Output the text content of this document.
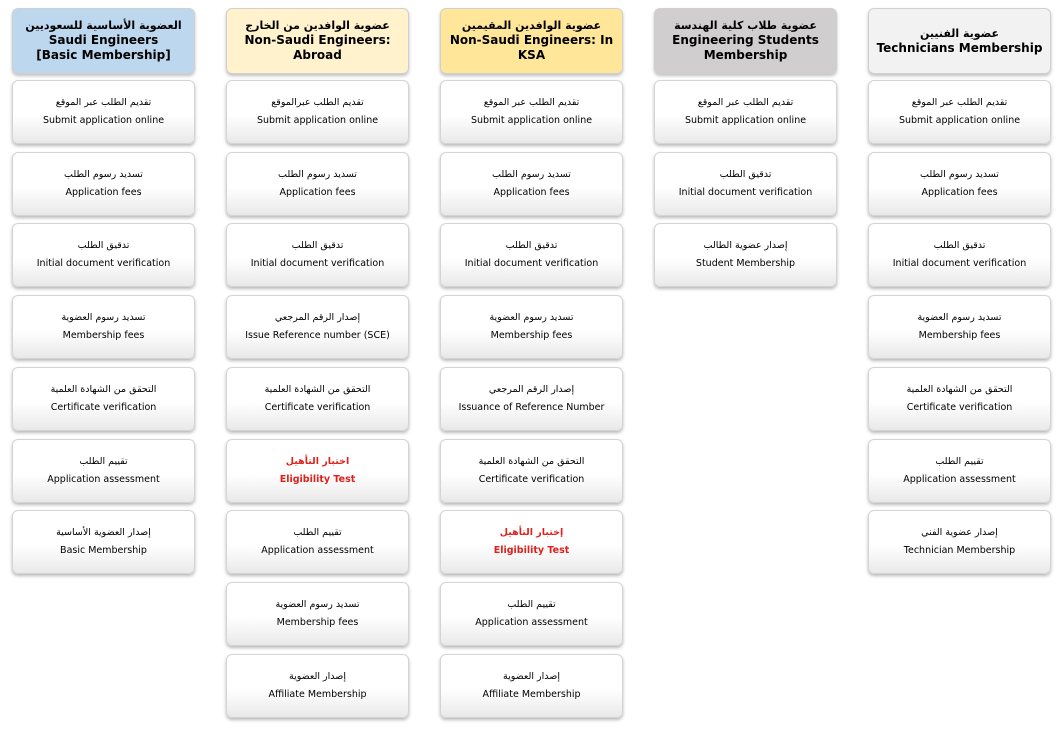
العضوية الأساسية للسعوديين
Saudi Engineers
[Basic Membership]
تقديم الطلب عبر الموقع
Submit application online
تسديد رسوم الطلب
Application fees
تدقيق الطلب
Initial document verification
تسديد رسوم العضوية
Membership fees
التحقق من الشهادة العلمية
Certificate verification
تقييم الطلب
Application assessment
إصدار العضوية الأساسية
Basic Membership
عضوية الوافدين من الخارج
Non-Saudi Engineers:
Abroad
تقديم الطلب عبرالموقع
Submit application online
تسديد رسوم الطلب
Application fees
تدقيق الطلب
Initial document verification
إصدار الرقم المرجعي
Issue Reference number (SCE)
التحقق من الشهادة العلمية
Certificate verification
اختبار التأهيل
Eligibility Test
تقييم الطلب
Application assessment
تسديد رسوم العضوية
Membership fees
إصدار العضوية
Affiliate Membership
عضوية الوافدين المقيمين
Non-Saudi Engineers: In
KSA
تقديم الطلب عبر الموقع
Submit application online
تسديد رسوم الطلب
Application fees
تدقيق الطلب
Initial document verification
تسديد رسوم العضوية
Membership fees
إصدار الرقم المرجعي
Issuance of Reference Number
التحقق من الشهادة العلمية
Certificate verification
إختبار التأهيل
Eligibility Test
تقييم الطلب
Application assessment
إصدار العضوية
Affiliate Membership
عضوية طلاب كلية الهندسة
Engineering Students
Membership
تقديم الطلب عبر الموقع
Submit application online
تدقيق الطلب
Initial document verification
إصدار عضوية الطالب
Student Membership
عضوية الفنيين
Technicians Membership
تقديم الطلب عبر الموقع
Submit application online
تسديد رسوم الطلب
Application fees
تدقيق الطلب
Initial document verification
تسديد رسوم العضوية
Membership fees
التحقق من الشهادة العلمية
Certificate verification
تقييم الطلب
Application assessment
إصدار عضوية الفني
Technician Membership
